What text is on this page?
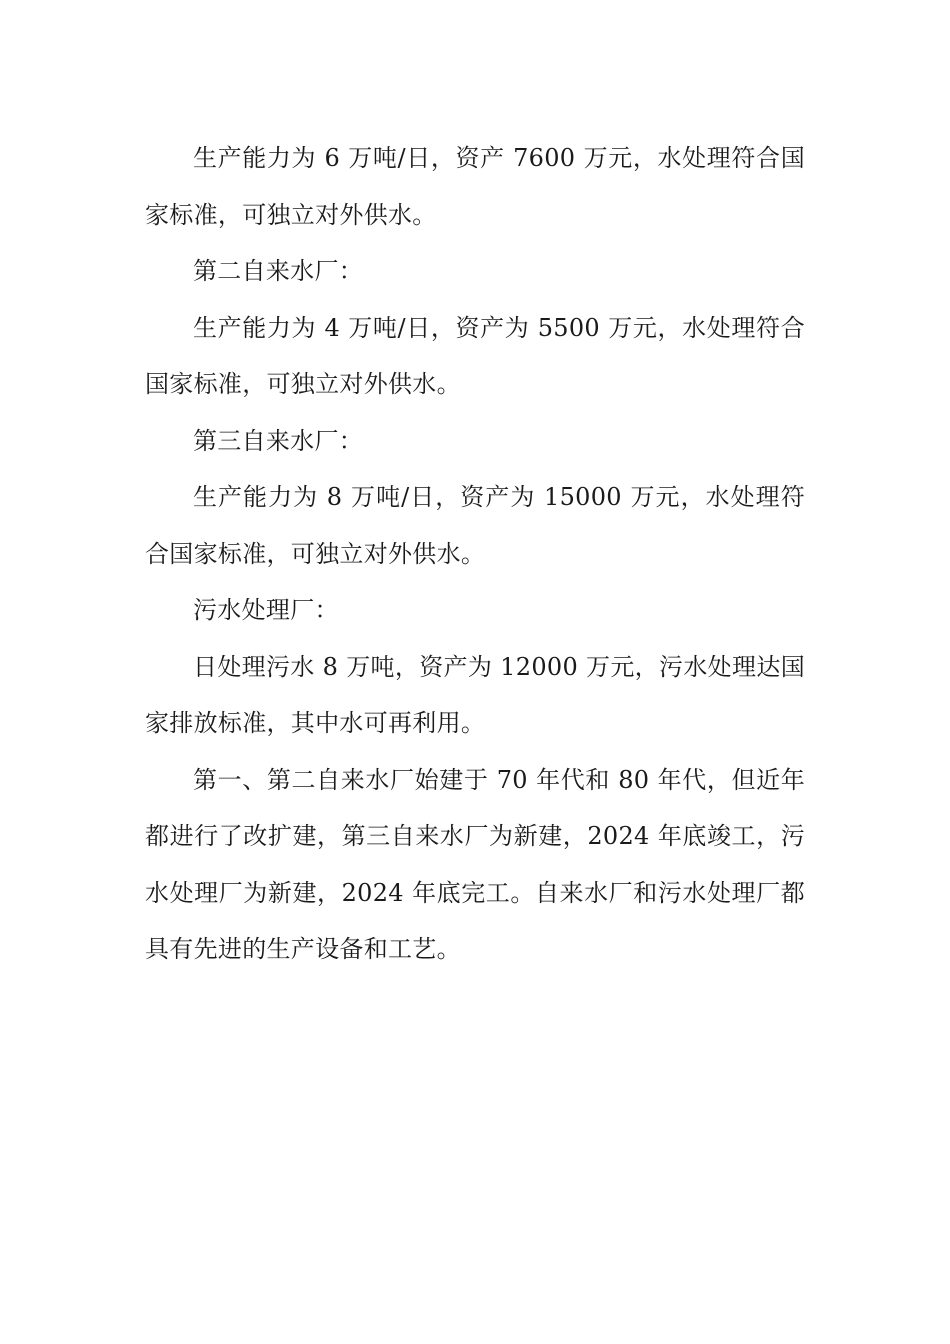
生产能力为 6 万吨/日，资产 7600 万元，水处理符合国家标准，可独立对外供水。

第二自来水厂：

生产能力为 4 万吨/日，资产为 5500 万元，水处理符合国家标准，可独立对外供水。

第三自来水厂：

生产能力为 8 万吨/日，资产为 15000 万元，水处理符合国家标准，可独立对外供水。

污水处理厂：

日处理污水 8 万吨，资产为 12000 万元，污水处理达国家排放标准，其中水可再利用。

第一、第二自来水厂始建于 70 年代和 80 年代，但近年都进行了改扩建，第三自来水厂为新建，2024 年底竣工，污水处理厂为新建，2024 年底完工。自来水厂和污水处理厂都具有先进的生产设备和工艺。
